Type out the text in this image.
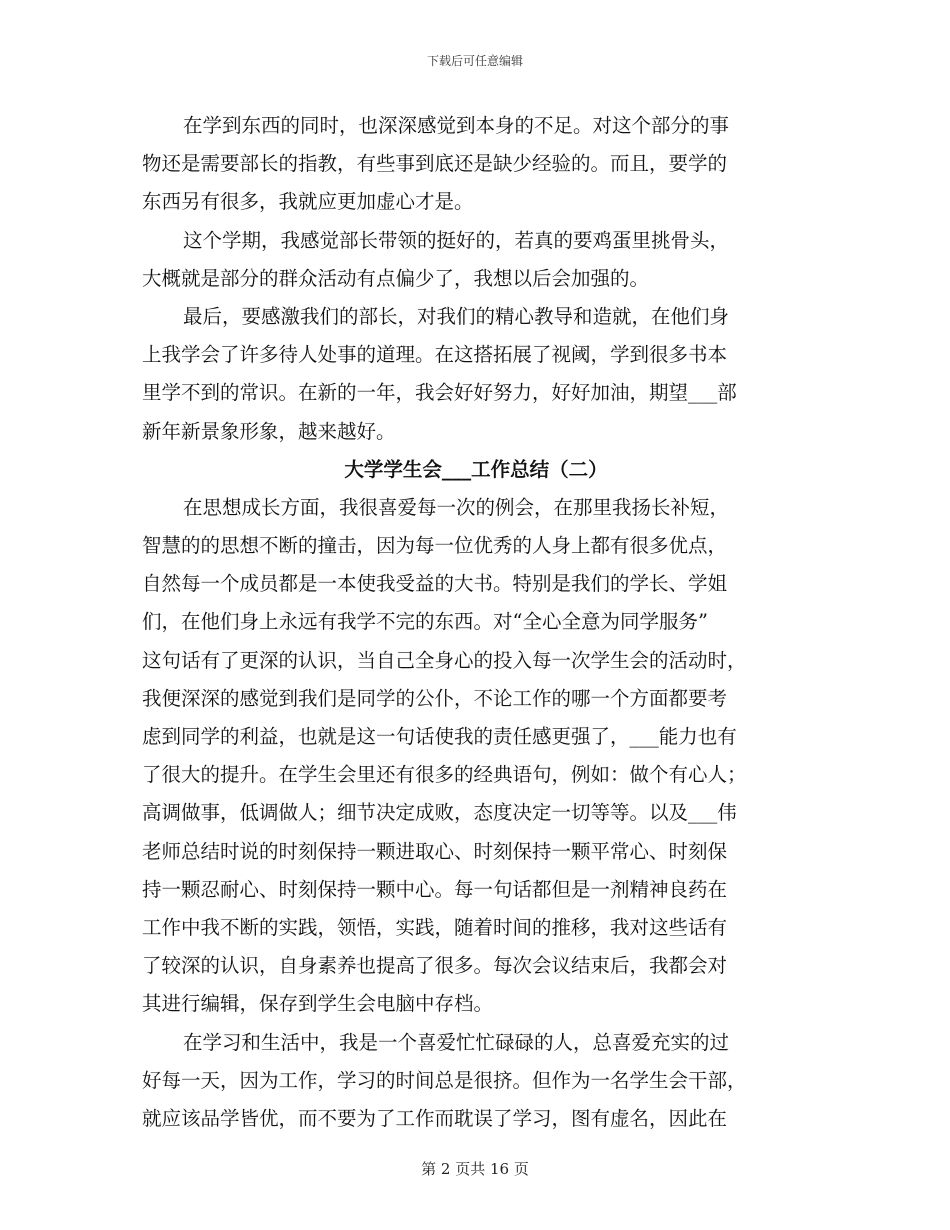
下载后可任意编辑
在学到东西的同时，也深深感觉到本身的不足。对这个部分的事
物还是需要部长的指教，有些事到底还是缺少经验的。而且，要学的
东西另有很多，我就应更加虚心才是。
这个学期，我感觉部长带领的挺好的，若真的要鸡蛋里挑骨头，
大概就是部分的群众活动有点偏少了，我想以后会加强的。
最后，要感激我们的部长，对我们的精心教导和造就，在他们身
上我学会了许多待人处事的道理。在这搭拓展了视阈，学到很多书本
里学不到的常识。在新的一年，我会好好努力，好好加油，期望___部
新年新景象形象，越来越好。
大学学生会___工作总结（二）
在思想成长方面，我很喜爱每一次的例会，在那里我扬长补短，
智慧的的思想不断的撞击，因为每一位优秀的人身上都有很多优点，
自然每一个成员都是一本使我受益的大书。特别是我们的学长、学姐
们，在他们身上永远有我学不完的东西。对“全心全意为同学服务”
这句话有了更深的认识，当自己全身心的投入每一次学生会的活动时，
我便深深的感觉到我们是同学的公仆，不论工作的哪一个方面都要考
虑到同学的利益，也就是这一句话使我的责任感更强了，___能力也有
了很大的提升。在学生会里还有很多的经典语句，例如：做个有心人；
高调做事，低调做人；细节决定成败，态度决定一切等等。以及___伟
老师总结时说的时刻保持一颗进取心、时刻保持一颗平常心、时刻保
持一颗忍耐心、时刻保持一颗中心。每一句话都但是一剂精神良药在
工作中我不断的实践，领悟，实践，随着时间的推移，我对这些话有
了较深的认识，自身素养也提高了很多。每次会议结束后，我都会对
其进行编辑，保存到学生会电脑中存档。
在学习和生活中，我是一个喜爱忙忙碌碌的人，总喜爱充实的过
好每一天，因为工作，学习的时间总是很挤。但作为一名学生会干部，
就应该品学皆优，而不要为了工作而耽误了学习，图有虚名，因此在
第 2 页共 16 页
